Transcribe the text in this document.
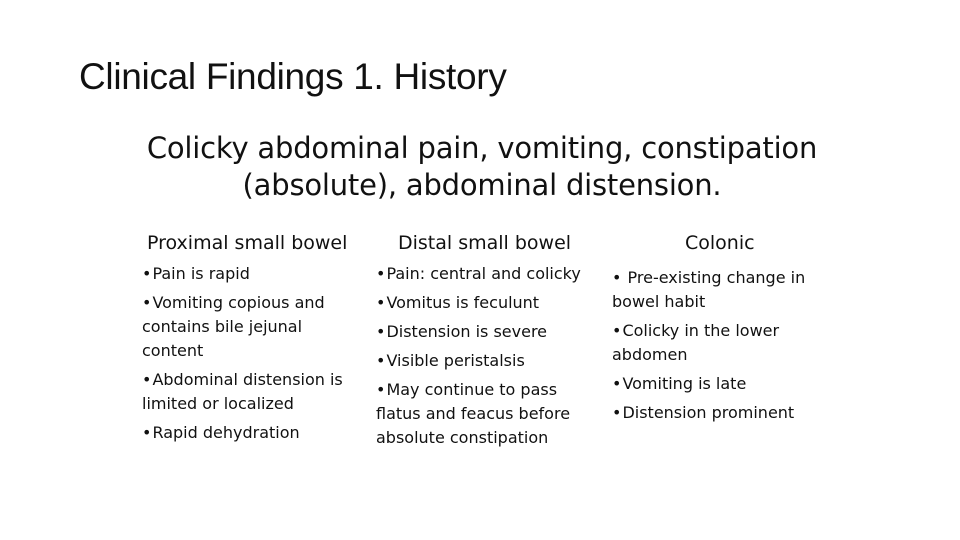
Clinical Findings 1. History
Colicky abdominal pain, vomiting, constipation (absolute), abdominal distension.
Proximal small bowel
•Pain is rapid
•Vomiting copious and contains bile jejunal content
•Abdominal distension is limited or localized
•Rapid dehydration
Distal small bowel
•Pain: central and colicky
•Vomitus is feculunt
•Distension is severe
•Visible peristalsis
•May continue to pass flatus and feacus before absolute constipation
Colonic
• Pre-existing change in bowel habit
•Colicky in the lower abdomen
•Vomiting is late
•Distension prominent
